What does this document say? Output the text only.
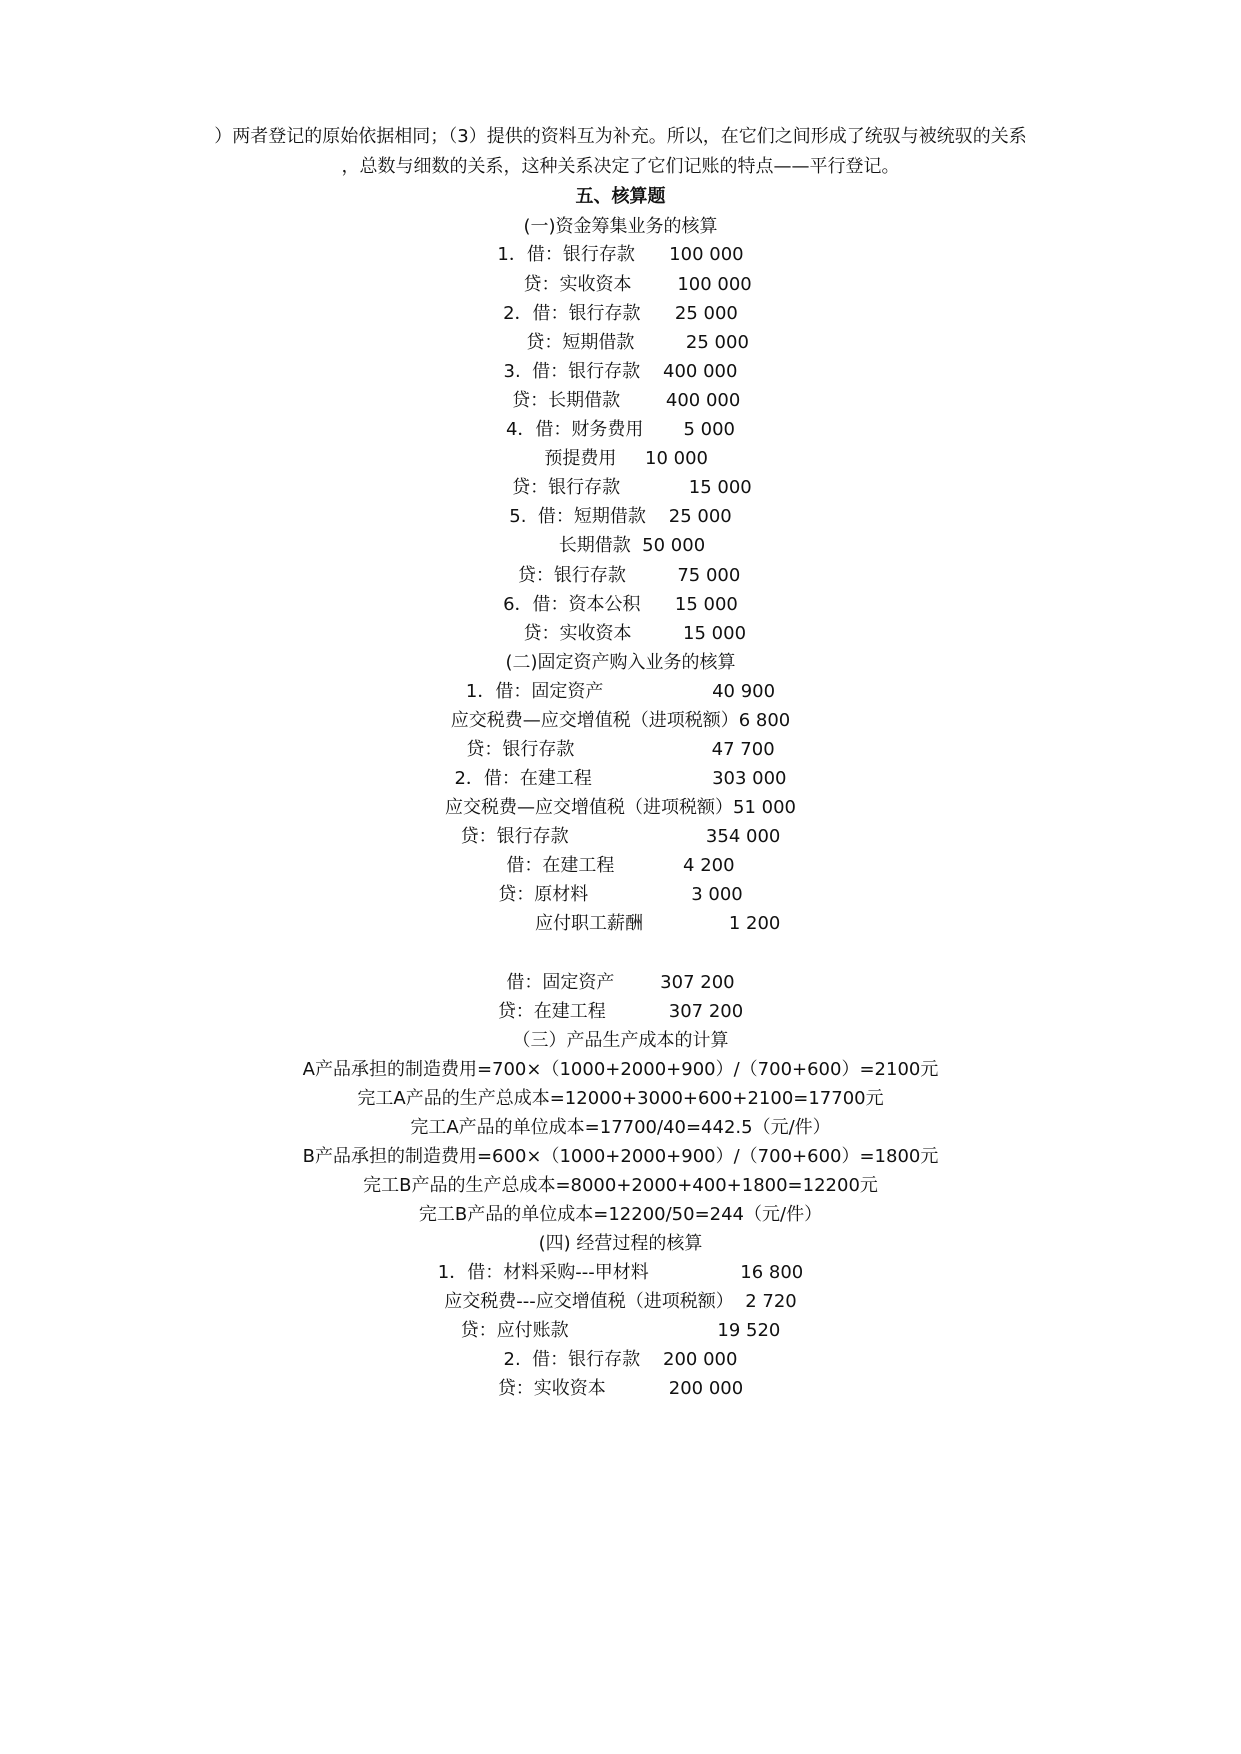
）两者登记的原始依据相同；（3）提供的资料互为补充。所以，在它们之间形成了统驭与被统驭的关系
，总数与细数的关系，这种关系决定了它们记账的特点——平行登记。
五、核算题
(一)资金筹集业务的核算
1．借：银行存款      100 000
贷：实收资本        100 000
2．借：银行存款      25 000
贷：短期借款         25 000
3.  借：银行存款    400 000
贷：长期借款        400 000
4．借：财务费用       5 000
预提费用     10 000
贷：银行存款            15 000
5.  借：短期借款    25 000
长期借款  50 000
贷：银行存款         75 000
6．借：资本公积      15 000
贷：实收资本         15 000
(二)固定资产购入业务的核算
1．借：固定资产                   40 900
应交税费—应交增值税（进项税额）6 800
贷：银行存款                        47 700
2．借：在建工程                     303 000
应交税费—应交增值税（进项税额）51 000
贷：银行存款                        354 000
借：在建工程            4 200
贷：原材料                  3 000
应付职工薪酬               1 200
借：固定资产        307 200
贷：在建工程           307 200
（三）产品生产成本的计算
A产品承担的制造费用=700×（1000+2000+900）/（700+600）=2100元
完工A产品的生产总成本=12000+3000+600+2100=17700元
完工A产品的单位成本=17700/40=442.5（元/件）
B产品承担的制造费用=600×（1000+2000+900）/（700+600）=1800元
完工B产品的生产总成本=8000+2000+400+1800=12200元
完工B产品的单位成本=12200/50=244（元/件）
(四) 经营过程的核算
1．借：材料采购---甲材料                16 800
应交税费---应交增值税（进项税额）  2 720
贷：应付账款                          19 520
2.  借：银行存款    200 000
贷：实收资本           200 000
